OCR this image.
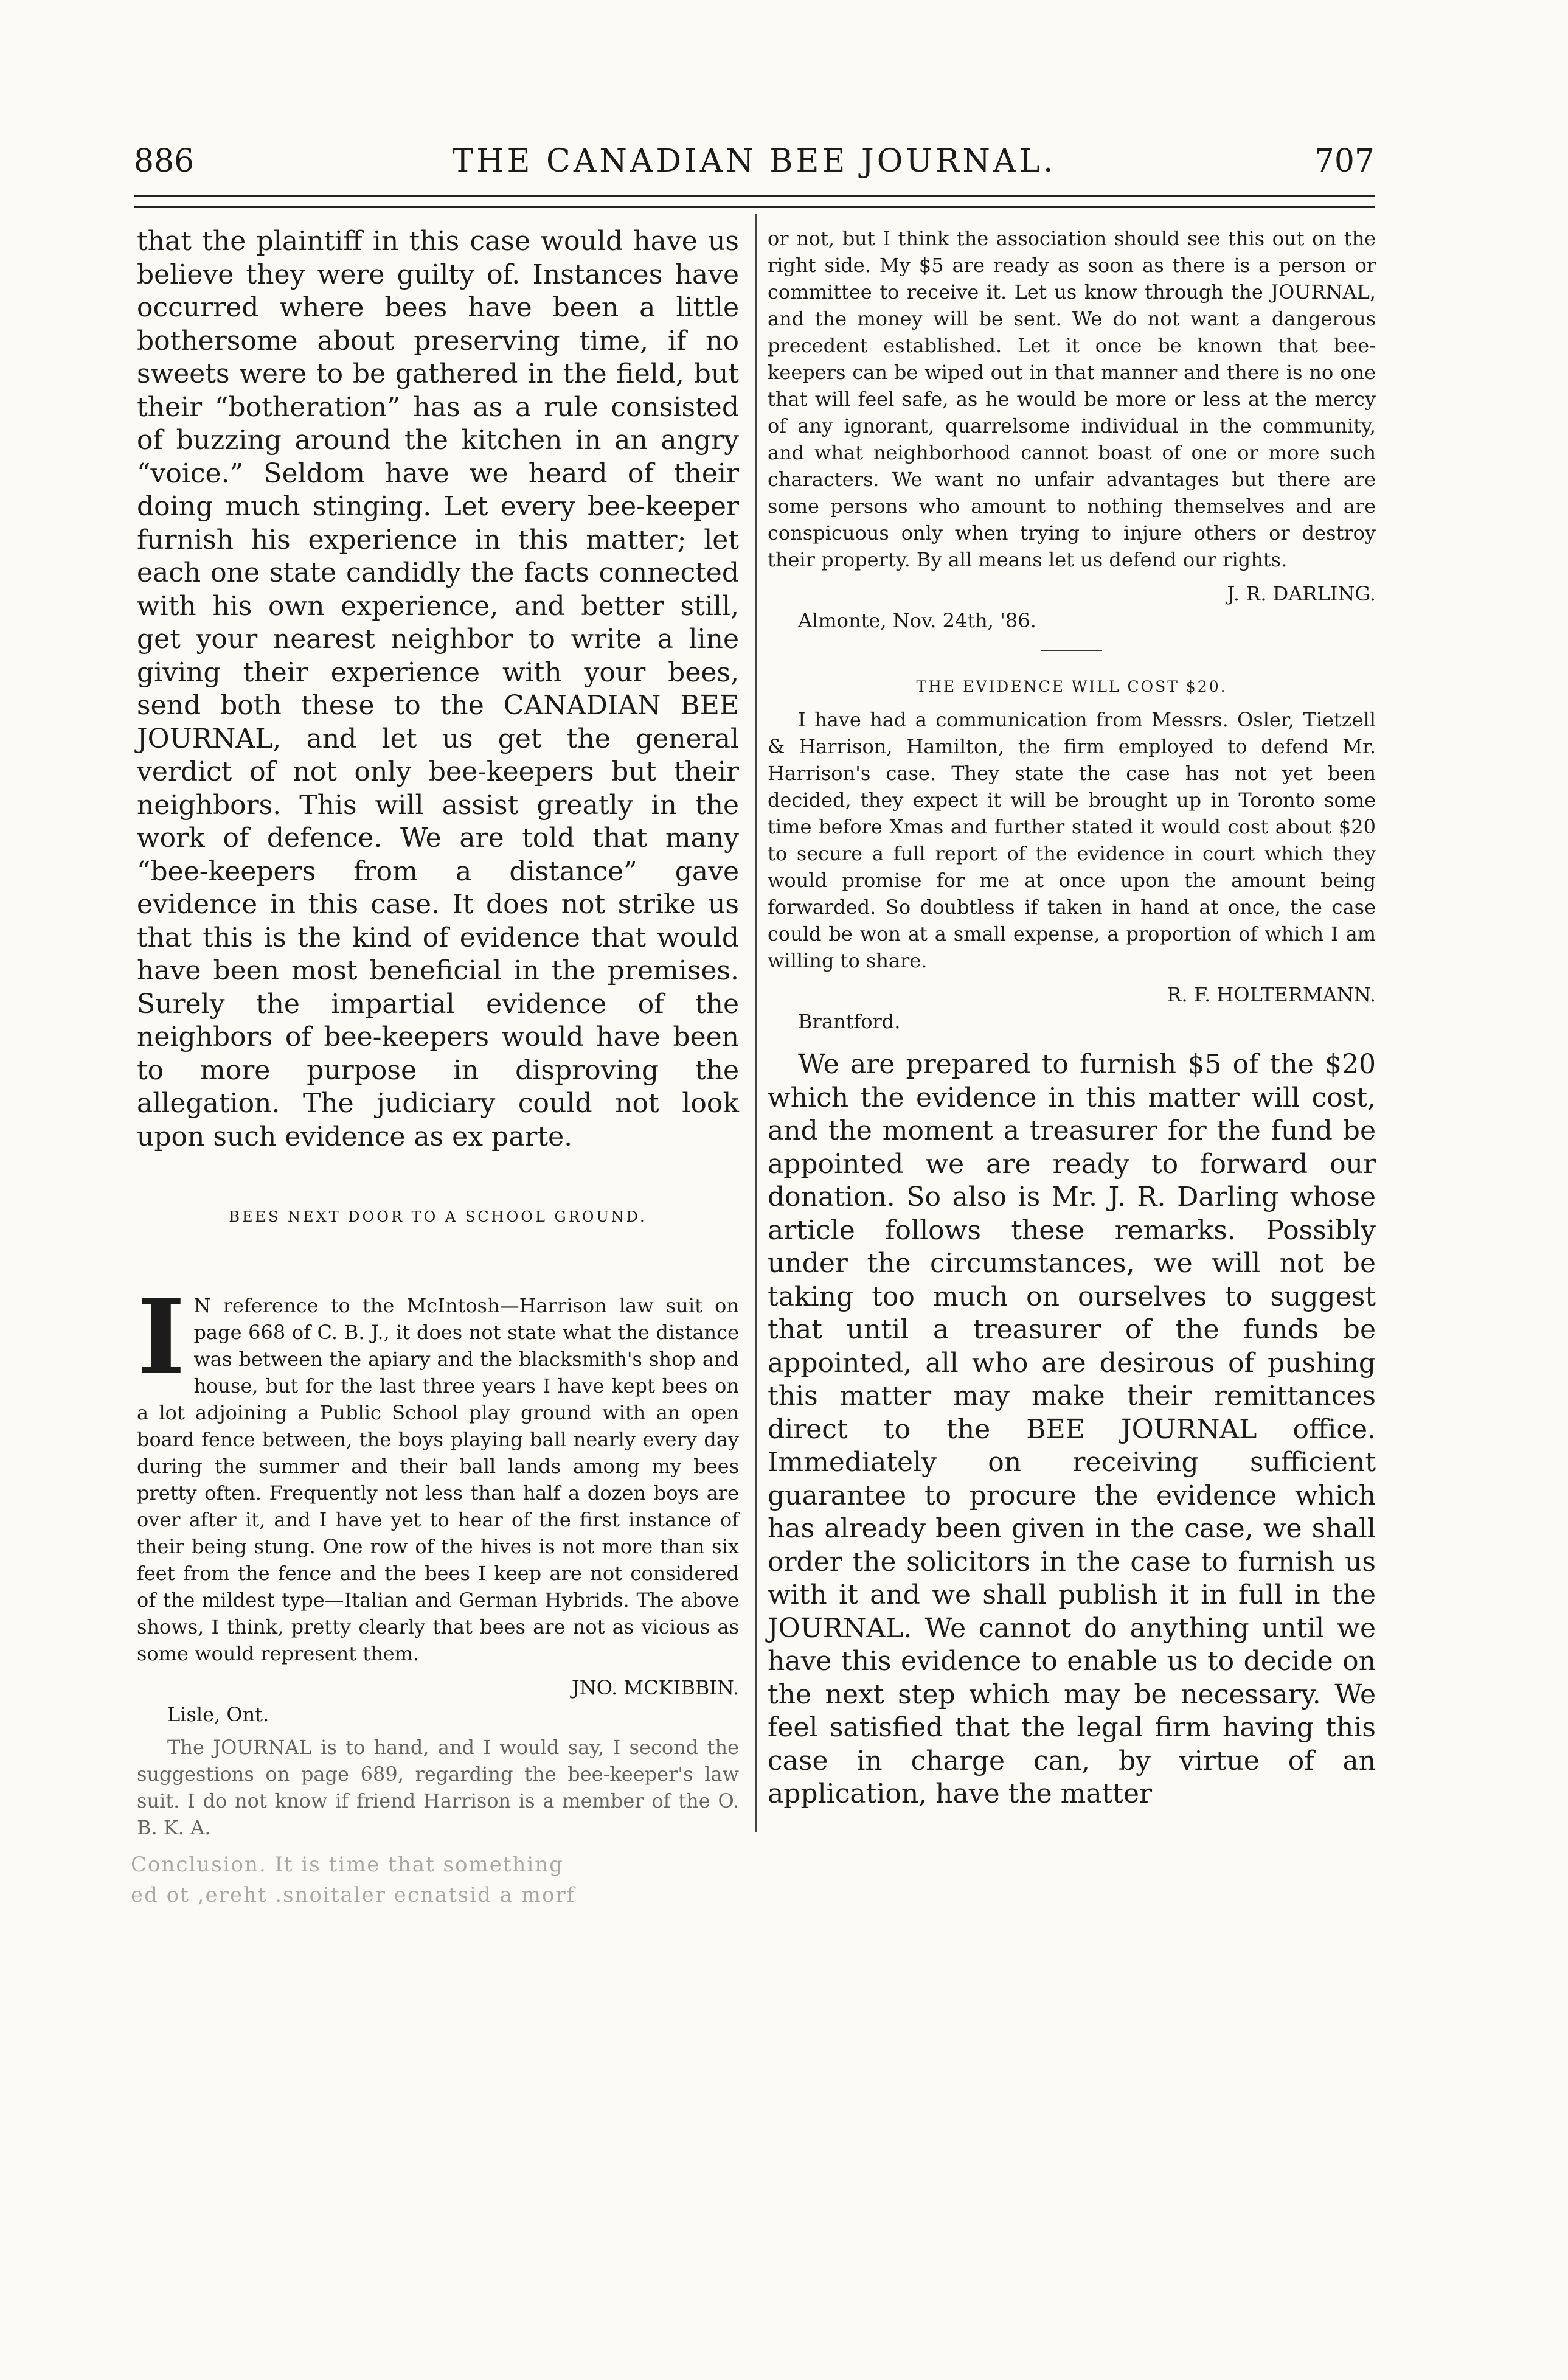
886	THE CANADIAN BEE JOURNAL.	707

that the plaintiff in this case would have us believe they were guilty of. Instances have occurred where bees have been a little bothersome about preserving time, if no sweets were to be gathered in the field, but their “botheration” has as a rule consisted of buzzing around the kitchen in an angry “voice.” Seldom have we heard of their doing much stinging. Let every bee-keeper furnish his experience in this matter; let each one state candidly the facts connected with his own experience, and better still, get your nearest neighbor to write a line giving their experience with your bees, send both these to the CANADIAN BEE JOURNAL, and let us get the general verdict of not only bee-keepers but their neighbors. This will assist greatly in the work of defence. We are told that many “bee-keepers from a distance” gave evidence in this case. It does not strike us that this is the kind of evidence that would have been most beneficial in the premises. Surely the impartial evidence of the neighbors of bee-keepers would have been to more purpose in disproving the allegation. The judiciary could not look upon such evidence as ex parte.

BEES NEXT DOOR TO A SCHOOL GROUND.

I N reference to the McIntosh—Harrison law suit on page 668 of C. B. J., it does not state what the distance was between the apiary and the blacksmith's shop and house, but for the last three years I have kept bees on a lot adjoining a Public School play ground with an open board fence between, the boys playing ball nearly every day during the summer and their ball lands among my bees pretty often. Frequently not less than half a dozen boys are over after it, and I have yet to hear of the first instance of their being stung. One row of the hives is not more than six feet from the fence and the bees I keep are not considered of the mildest type—Italian and German Hybrids. The above shows, I think, pretty clearly that bees are not as vicious as some would represent them.

JNO. MCKIBBIN.

Lisle, Ont.

The JOURNAL is to hand, and I would say, I second the suggestions on page 689, regarding the bee-keeper's law suit. I do not know if friend Harrison is a member of the O. B. K. A.

or not, but I think the association should see this out on the right side. My $5 are ready as soon as there is a person or committee to receive it. Let us know through the JOURNAL, and the money will be sent. We do not want a dangerous precedent established. Let it once be known that bee-keepers can be wiped out in that manner and there is no one that will feel safe, as he would be more or less at the mercy of any ignorant, quarrelsome individual in the community, and what neighborhood cannot boast of one or more such characters. We want no unfair advantages but there are some persons who amount to nothing themselves and are conspicuous only when trying to injure others or destroy their property. By all means let us defend our rights.

J. R. DARLING.

Almonte, Nov. 24th, '86.

THE EVIDENCE WILL COST $20.

I have had a communication from Messrs. Osler, Tietzell & Harrison, Hamilton, the firm employed to defend Mr. Harrison's case. They state the case has not yet been decided, they expect it will be brought up in Toronto some time before Xmas and further stated it would cost about $20 to secure a full report of the evidence in court which they would promise for me at once upon the amount being forwarded. So doubtless if taken in hand at once, the case could be won at a small expense, a proportion of which I am willing to share.

R. F. HOLTERMANN.

Brantford.

We are prepared to furnish $5 of the $20 which the evidence in this matter will cost, and the moment a treasurer for the fund be appointed we are ready to forward our donation. So also is Mr. J. R. Darling whose article follows these remarks. Possibly under the circumstances, we will not be taking too much on ourselves to suggest that until a treasurer of the funds be appointed, all who are desirous of pushing this matter may make their remittances direct to the BEE JOURNAL office. Immediately on receiving sufficient guarantee to procure the evidence which has already been given in the case, we shall order the solicitors in the case to furnish us with it and we shall publish it in full in the JOURNAL. We cannot do anything until we have this evidence to enable us to decide on the next step which may be necessary. We feel satisfied that the legal firm having this case in charge can, by virtue of an application, have the matter

Conclusion. It is time that something
ed ot ,ereht .snoitaler ecnatsid a morf
